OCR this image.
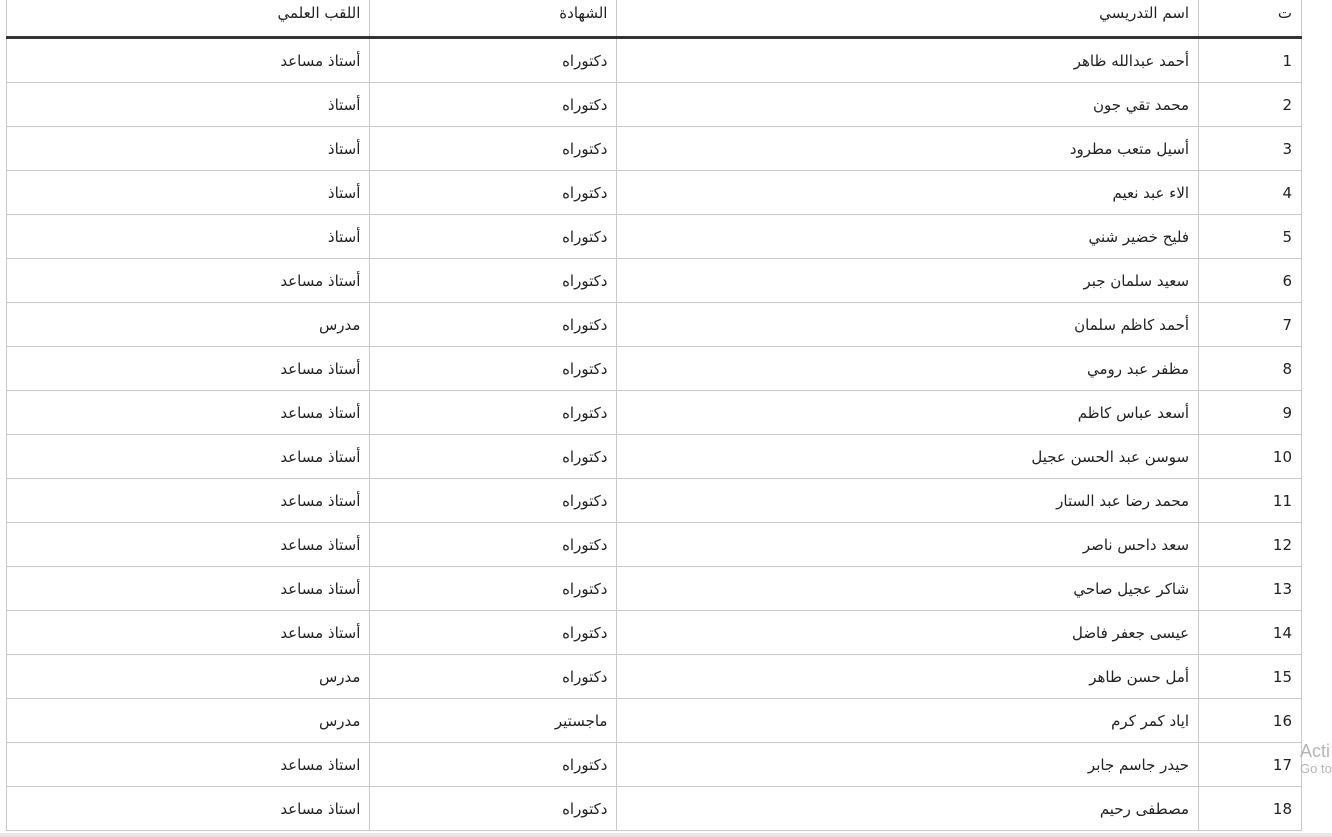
ت	اسم التدريسي	الشهادة	اللقب العلمي
1	أحمد عبدالله ظاهر	دكتوراه	أستاذ مساعد
2	محمد تقي جون	دكتوراه	أستاذ
3	أسيل متعب مطرود	دكتوراه	أستاذ
4	الاء عبد نعيم	دكتوراه	أستاذ
5	فليح خضير شني	دكتوراه	أستاذ
6	سعيد سلمان جبر	دكتوراه	أستاذ مساعد
7	أحمد كاظم سلمان	دكتوراه	مدرس
8	مظفر عبد رومي	دكتوراه	أستاذ مساعد
9	أسعد عباس كاظم	دكتوراه	أستاذ مساعد
10	سوسن عبد الحسن عجيل	دكتوراه	أستاذ مساعد
11	محمد رضا عبد الستار	دكتوراه	أستاذ مساعد
12	سعد داحس ناصر	دكتوراه	أستاذ مساعد
13	شاكر عجيل صاحي	دكتوراه	أستاذ مساعد
14	عيسى جعفر فاضل	دكتوراه	أستاذ مساعد
15	أمل حسن طاهر	دكتوراه	مدرس
16	اياد كمر كرم	ماجستير	مدرس
17	حيدر جاسم جابر	دكتوراه	استاذ مساعد
18	مصطفى رحيم	دكتوراه	استاذ مساعد
Acti
Go to
